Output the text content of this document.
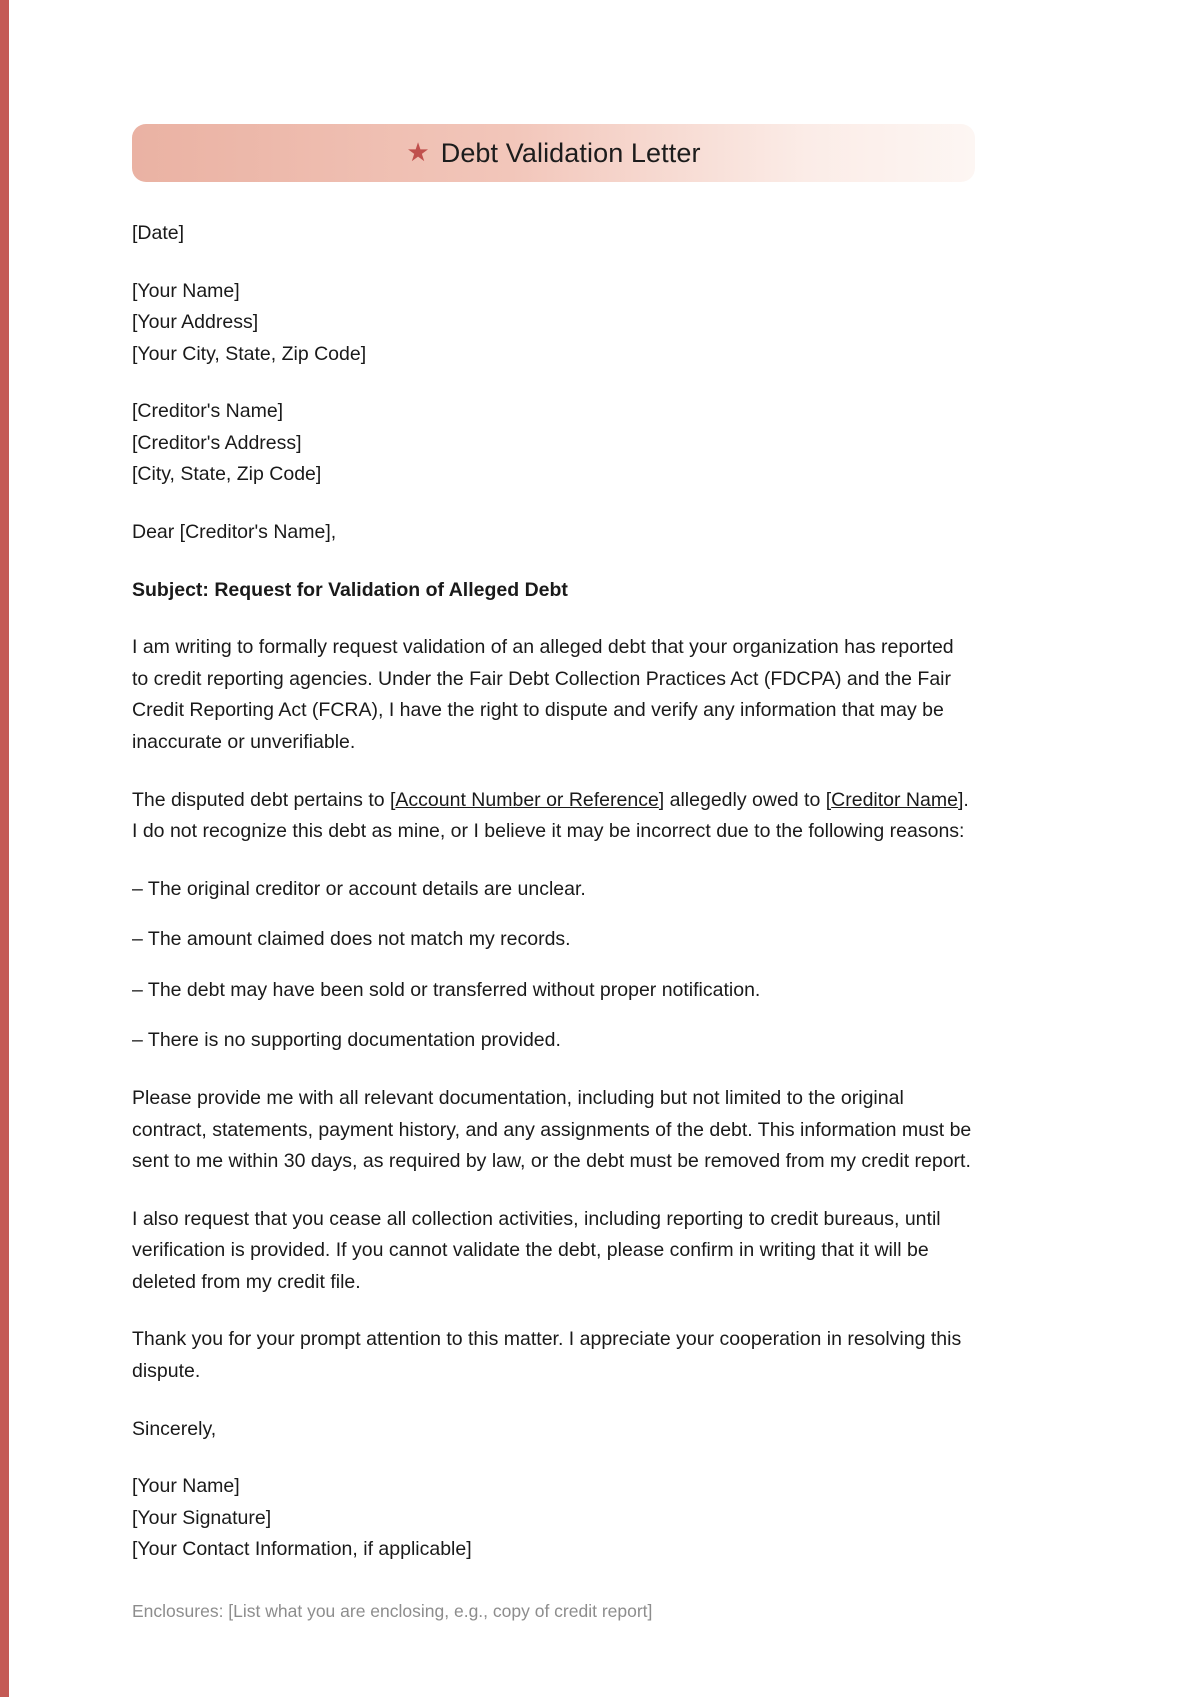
★ Debt Validation Letter

[Date]

[Your Name]
[Your Address]
[Your City, State, Zip Code]

[Creditor's Name]
[Creditor's Address]
[City, State, Zip Code]

Dear [Creditor's Name],

Subject: Request for Validation of Alleged Debt

I am writing to formally request validation of an alleged debt that your organization has reported to credit reporting agencies. Under the Fair Debt Collection Practices Act (FDCPA) and the Fair Credit Reporting Act (FCRA), I have the right to dispute and verify any information that may be inaccurate or unverifiable.

The disputed debt pertains to [Account Number or Reference] allegedly owed to [Creditor Name]. I do not recognize this debt as mine, or I believe it may be incorrect due to the following reasons:

– The original creditor or account details are unclear.

– The amount claimed does not match my records.

– The debt may have been sold or transferred without proper notification.

– There is no supporting documentation provided.

Please provide me with all relevant documentation, including but not limited to the original contract, statements, payment history, and any assignments of the debt. This information must be sent to me within 30 days, as required by law, or the debt must be removed from my credit report.

I also request that you cease all collection activities, including reporting to credit bureaus, until verification is provided. If you cannot validate the debt, please confirm in writing that it will be deleted from my credit file.

Thank you for your prompt attention to this matter. I appreciate your cooperation in resolving this dispute.

Sincerely,

[Your Name]
[Your Signature]
[Your Contact Information, if applicable]

Enclosures: [List what you are enclosing, e.g., copy of credit report]
